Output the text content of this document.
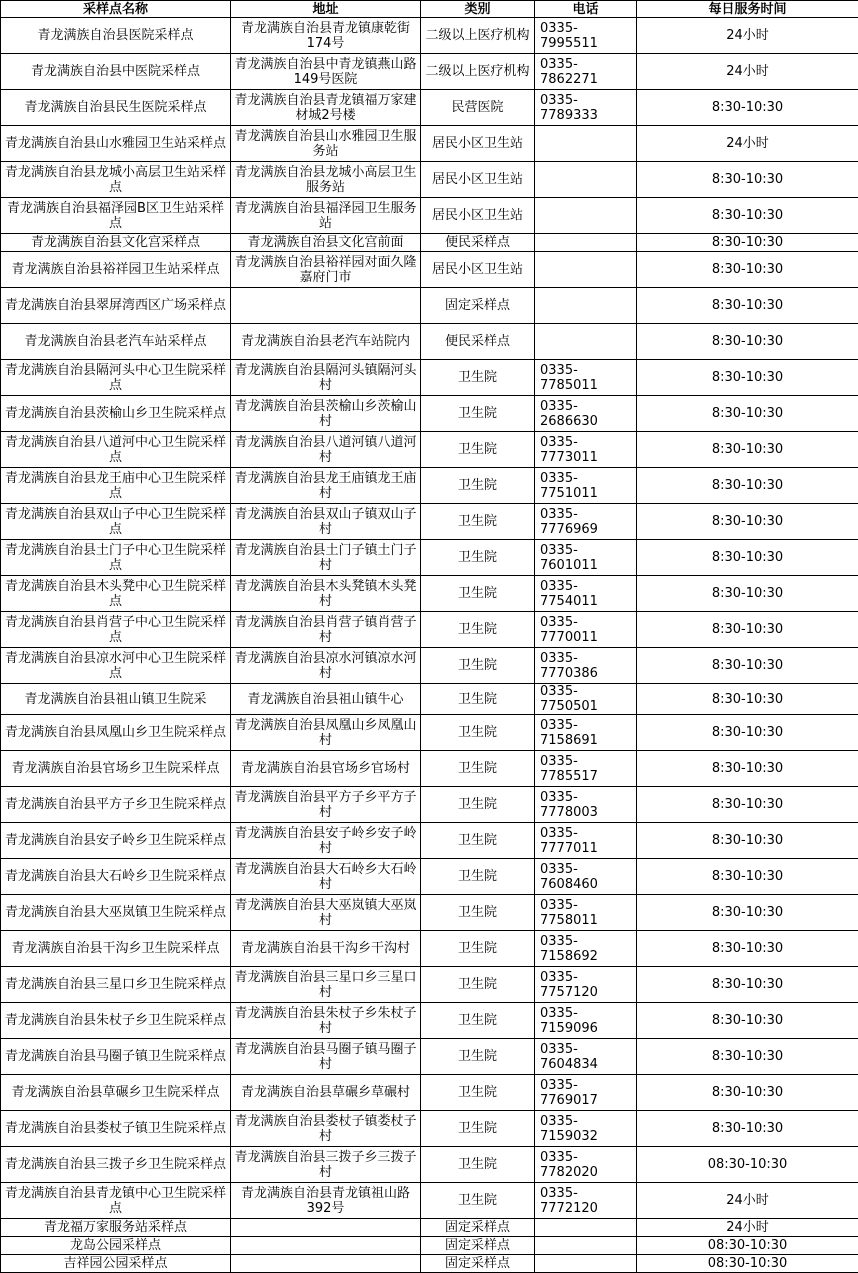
采样点名称	地址	类别	电话	每日服务时间
青龙满族自治县医院采样点	青龙满族自治县青龙镇康乾街174号	二级以上医疗机构	0335-7995511	24小时
青龙满族自治县中医院采样点	青龙满族自治县中青龙镇燕山路149号医院	二级以上医疗机构	0335-7862271	24小时
青龙满族自治县民生医院采样点	青龙满族自治县青龙镇福万家建材城2号楼	民营医院	0335-7789333	8:30-10:30
青龙满族自治县山水雅园卫生站采样点	青龙满族自治县山水雅园卫生服务站	居民小区卫生站		24小时
青龙满族自治县龙城小高层卫生站采样点	青龙满族自治县龙城小高层卫生服务站	居民小区卫生站		8:30-10:30
青龙满族自治县福泽园B区卫生站采样点	青龙满族自治县福泽园卫生服务站	居民小区卫生站		8:30-10:30
青龙满族自治县文化宫采样点	青龙满族自治县文化宫前面	便民采样点		8:30-10:30
青龙满族自治县裕祥园卫生站采样点	青龙满族自治县裕祥园对面久隆嘉府门市	居民小区卫生站		8:30-10:30
青龙满族自治县翠屏湾西区广场采样点		固定采样点		8:30-10:30
青龙满族自治县老汽车站采样点	青龙满族自治县老汽车站院内	便民采样点		8:30-10:30
青龙满族自治县隔河头中心卫生院采样点	青龙满族自治县隔河头镇隔河头村	卫生院	0335-7785011	8:30-10:30
青龙满族自治县茨榆山乡卫生院采样点	青龙满族自治县茨榆山乡茨榆山村	卫生院	0335-2686630	8:30-10:30
青龙满族自治县八道河中心卫生院采样点	青龙满族自治县八道河镇八道河村	卫生院	0335-7773011	8:30-10:30
青龙满族自治县龙王庙中心卫生院采样点	青龙满族自治县龙王庙镇龙王庙村	卫生院	0335-7751011	8:30-10:30
青龙满族自治县双山子中心卫生院采样点	青龙满族自治县双山子镇双山子村	卫生院	0335-7776969	8:30-10:30
青龙满族自治县土门子中心卫生院采样点	青龙满族自治县土门子镇土门子村	卫生院	0335-7601011	8:30-10:30
青龙满族自治县木头凳中心卫生院采样点	青龙满族自治县木头凳镇木头凳村	卫生院	0335-7754011	8:30-10:30
青龙满族自治县肖营子中心卫生院采样点	青龙满族自治县肖营子镇肖营子村	卫生院	0335-7770011	8:30-10:30
青龙满族自治县凉水河中心卫生院采样点	青龙满族自治县凉水河镇凉水河村	卫生院	0335-7770386	8:30-10:30
青龙满族自治县祖山镇卫生院采	青龙满族自治县祖山镇牛心	卫生院	0335-7750501	8:30-10:30
青龙满族自治县凤凰山乡卫生院采样点	青龙满族自治县凤凰山乡凤凰山村	卫生院	0335-7158691	8:30-10:30
青龙满族自治县官场乡卫生院采样点	青龙满族自治县官场乡官场村	卫生院	0335-7785517	8:30-10:30
青龙满族自治县平方子乡卫生院采样点	青龙满族自治县平方子乡平方子村	卫生院	0335-7778003	8:30-10:30
青龙满族自治县安子岭乡卫生院采样点	青龙满族自治县安子岭乡安子岭村	卫生院	0335-7777011	8:30-10:30
青龙满族自治县大石岭乡卫生院采样点	青龙满族自治县大石岭乡大石岭村	卫生院	0335-7608460	8:30-10:30
青龙满族自治县大巫岚镇卫生院采样点	青龙满族自治县大巫岚镇大巫岚村	卫生院	0335-7758011	8:30-10:30
青龙满族自治县干沟乡卫生院采样点	青龙满族自治县干沟乡干沟村	卫生院	0335-7158692	8:30-10:30
青龙满族自治县三星口乡卫生院采样点	青龙满族自治县三星口乡三星口村	卫生院	0335-7757120	8:30-10:30
青龙满族自治县朱杖子乡卫生院采样点	青龙满族自治县朱杖子乡朱杖子村	卫生院	0335-7159096	8:30-10:30
青龙满族自治县马圈子镇卫生院采样点	青龙满族自治县马圈子镇马圈子村	卫生院	0335-7604834	8:30-10:30
青龙满族自治县草碾乡卫生院采样点	青龙满族自治县草碾乡草碾村	卫生院	0335-7769017	8:30-10:30
青龙满族自治县娄杖子镇卫生院采样点	青龙满族自治县娄杖子镇娄杖子村	卫生院	0335-7159032	8:30-10:30
青龙满族自治县三拨子乡卫生院采样点	青龙满族自治县三拨子乡三拨子村	卫生院	0335-7782020	08:30-10:30
青龙满族自治县青龙镇中心卫生院采样点	青龙满族自治县青龙镇祖山路392号	卫生院	0335-7772120	24小时
青龙福万家服务站采样点		固定采样点		24小时
龙岛公园采样点		固定采样点		08:30-10:30
吉祥园公园采样点		固定采样点		08:30-10:30
